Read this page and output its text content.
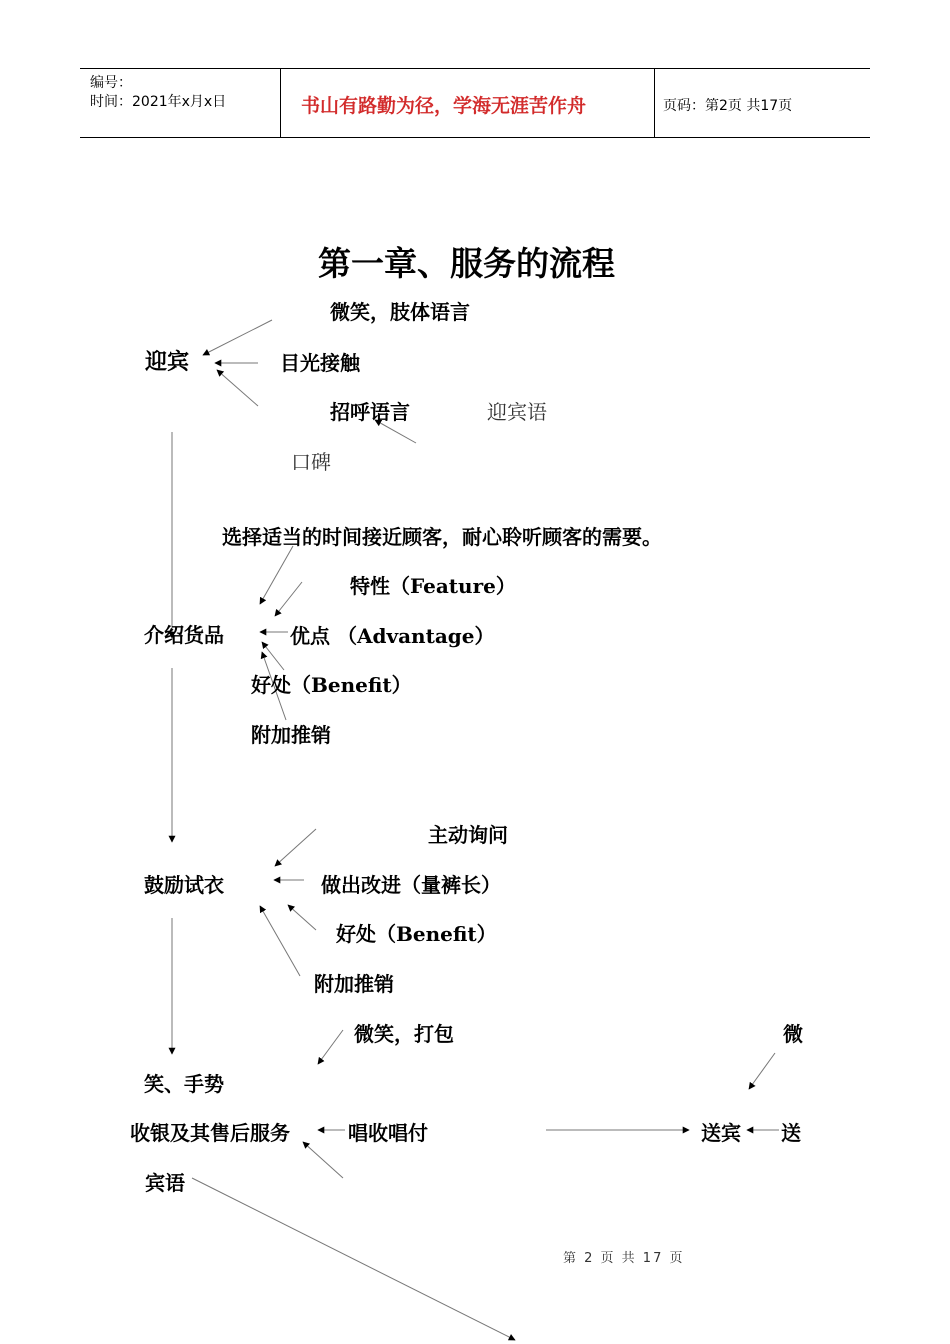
编号：
时间：2021年x月x日	书山有路勤为径，学海无涯苦作舟	页码：第2页 共17页
第一章、服务的流程
微笑，肢体语言
迎宾	目光接触
招呼语言	迎宾语
口碑
选择适当的时间接近顾客，耐心聆听顾客的需要。
特性（Feature）
介绍货品	优点 （Advantage）
好处（Benefit）
附加推销
主动询问
鼓励试衣	做出改进（量裤长）
好处（Benefit）
附加推销
微笑，打包	微
笑、手势
收银及其售后服务	唱收唱付	送宾 送
宾语
第 2 页 共 17 页
